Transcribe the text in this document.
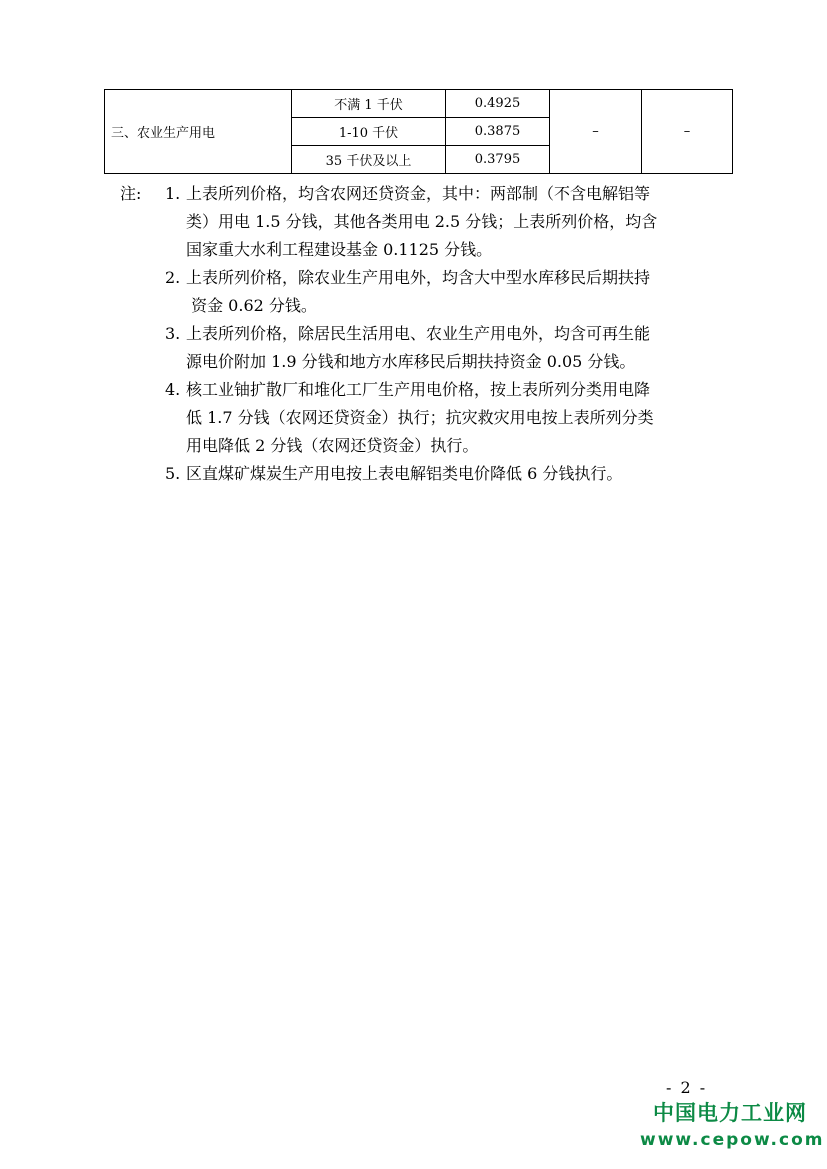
三、农业生产用电	不满 1 千伏	0.4925	–	–
	1-10 千伏	0.3875		
	35 千伏及以上	0.3795		
注: 1. 上表所列价格，均含农网还贷资金，其中：两部制（不含电解铝等
类）用电 1.5 分钱，其他各类用电 2.5 分钱；上表所列价格，均含
国家重大水利工程建设基金 0.1125 分钱。
2. 上表所列价格，除农业生产用电外，均含大中型水库移民后期扶持
资金 0.62 分钱。
3. 上表所列价格，除居民生活用电、农业生产用电外，均含可再生能
源电价附加 1.9 分钱和地方水库移民后期扶持资金 0.05 分钱。
4. 核工业铀扩散厂和堆化工厂生产用电价格，按上表所列分类用电降
低 1.7 分钱（农网还贷资金）执行；抗灾救灾用电按上表所列分类
用电降低 2 分钱（农网还贷资金）执行。
5. 区直煤矿煤炭生产用电按上表电解铝类电价降低 6 分钱执行。
- 2 -
中国电力工业网
www.cepow.com
